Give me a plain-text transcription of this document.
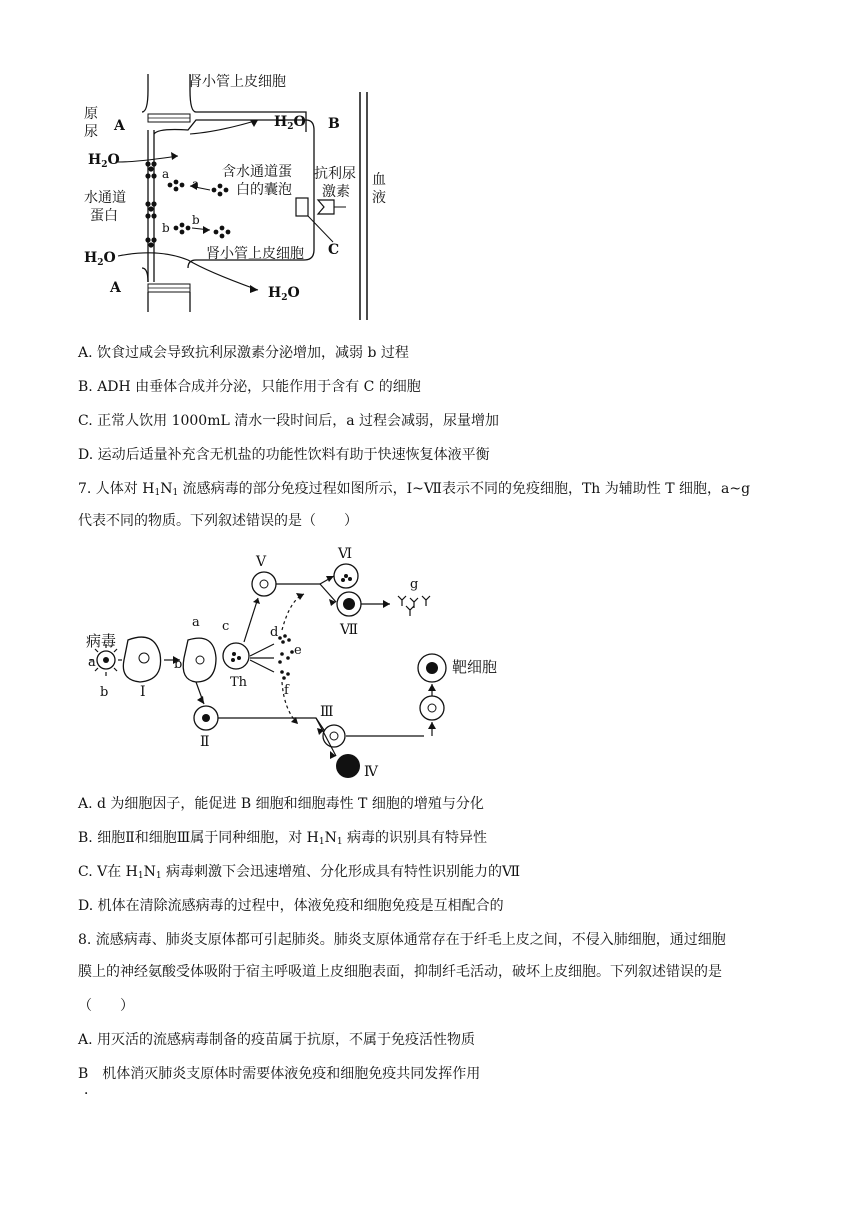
肾小管上皮细胞
原
尿 A	B
$H_2O$
$H_2O$
含水通道蛋
白的囊泡
抗利尿
激素
血
液
水通道
蛋白
a
a
b
b
肾小管上皮细胞 C
$H_2O$
A	$H_2O$
A. 饮食过咸会导致抗利尿激素分泌增加，减弱 b 过程
B. ADH 由垂体合成并分泌，只能作用于含有 C 的细胞
C. 正常人饮用 1000mL 清水一段时间后，a 过程会减弱，尿量增加
D. 运动后适量补充含无机盐的功能性饮料有助于快速恢复体液平衡
7. 人体对 $H_1N_1$ 流感病毒的部分免疫过程如图所示，Ⅰ~Ⅶ表示不同的免疫细胞，Th 为辅助性 T 细胞，a~g
代表不同的物质。下列叙述错误的是（　　）
病毒
a
b Ⅰ
a
b
c	d
e
f
Th
Ⅱ
Ⅲ
Ⅳ
Ⅴ	Ⅵ
Ⅶ
g
靶细胞
A. d 为细胞因子，能促进 B 细胞和细胞毒性 T 细胞的增殖与分化
B. 细胞Ⅱ和细胞Ⅲ属于同种细胞，对 $H_1N_1$ 病毒的识别具有特异性
C. Ⅴ在 $H_1N_1$ 病毒刺激下会迅速增殖、分化形成具有特性识别能力的Ⅶ
D. 机体在清除流感病毒的过程中，体液免疫和细胞免疫是互相配合的
8. 流感病毒、肺炎支原体都可引起肺炎。肺炎支原体通常存在于纤毛上皮之间，不侵入肺细胞，通过细胞
膜上的神经氨酸受体吸附于宿主呼吸道上皮细胞表面，抑制纤毛活动，破坏上皮细胞。下列叙述错误的是
（　　）
A. 用灭活的流感病毒制备的疫苗属于抗原，不属于免疫活性物质
B　机体消灭肺炎支原体时需要体液免疫和细胞免疫共同发挥作用
．
